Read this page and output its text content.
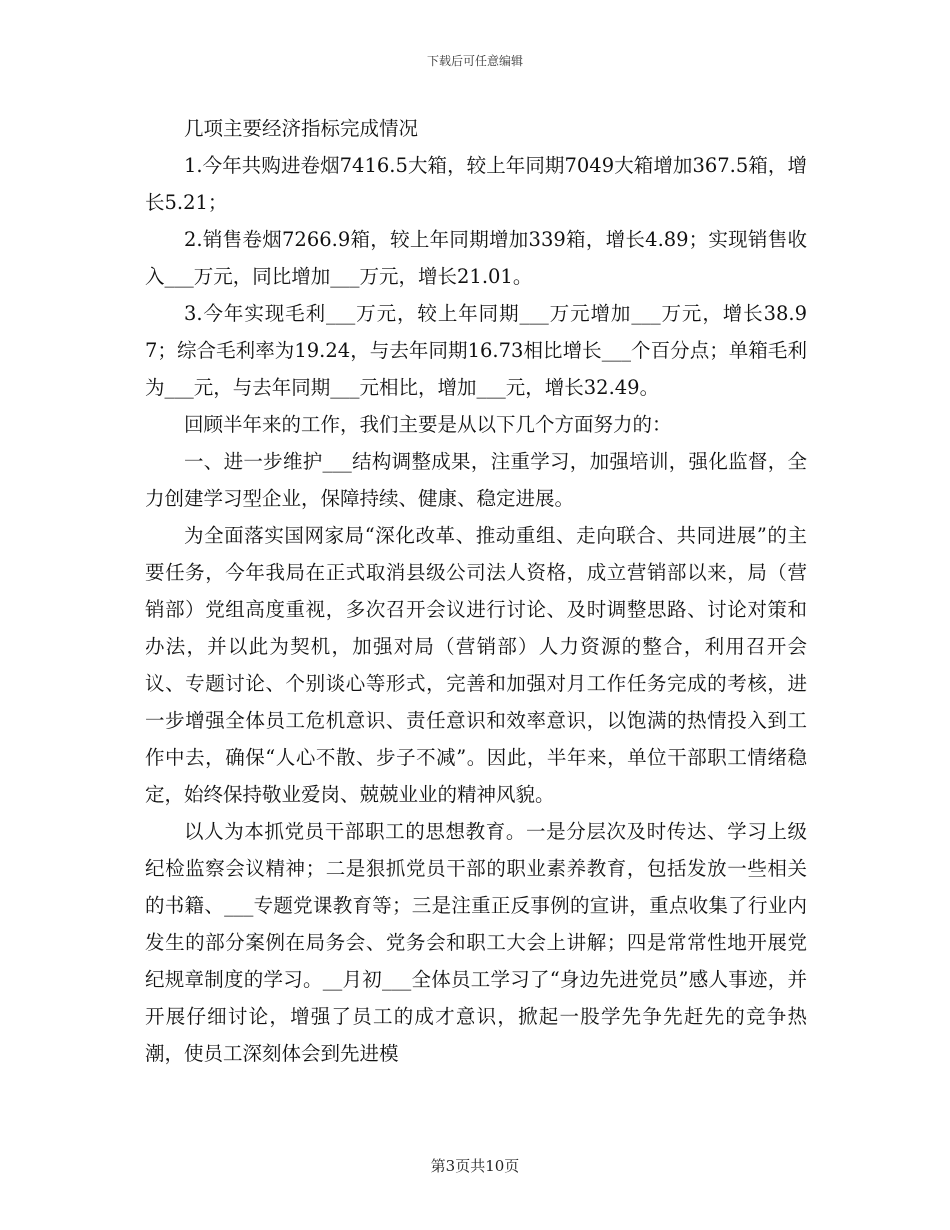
下载后可任意编辑

几项主要经济指标完成情况

1.今年共购进卷烟7416.5大箱，较上年同期7049大箱增加367.5箱，增长5.21；

2.销售卷烟7266.9箱，较上年同期增加339箱，增长4.89；实现销售收入___万元，同比增加___万元，增长21.01。

3.今年实现毛利___万元，较上年同期___万元增加___万元，增长38.97；综合毛利率为19.24，与去年同期16.73相比增长___个百分点；单箱毛利为___元，与去年同期___元相比，增加___元，增长32.49。

回顾半年来的工作，我们主要是从以下几个方面努力的：

一、进一步维护___结构调整成果，注重学习，加强培训，强化监督，全力创建学习型企业，保障持续、健康、稳定进展。

为全面落实国网家局“深化改革、推动重组、走向联合、共同进展”的主要任务，今年我局在正式取消县级公司法人资格，成立营销部以来，局（营销部）党组高度重视，多次召开会议进行讨论、及时调整思路、讨论对策和办法，并以此为契机，加强对局（营销部）人力资源的整合，利用召开会议、专题讨论、个别谈心等形式，完善和加强对月工作任务完成的考核，进一步增强全体员工危机意识、责任意识和效率意识，以饱满的热情投入到工作中去，确保“人心不散、步子不减”。因此，半年来，单位干部职工情绪稳定，始终保持敬业爱岗、兢兢业业的精神风貌。

以人为本抓党员干部职工的思想教育。一是分层次及时传达、学习上级纪检监察会议精神；二是狠抓党员干部的职业素养教育，包括发放一些相关的书籍、___专题党课教育等；三是注重正反事例的宣讲，重点收集了行业内发生的部分案例在局务会、党务会和职工大会上讲解；四是常常性地开展党纪规章制度的学习。__月初___全体员工学习了“身边先进党员”感人事迹，并开展仔细讨论，增强了员工的成才意识，掀起一股学先争先赶先的竞争热潮，使员工深刻体会到先进模

第3页共10页
